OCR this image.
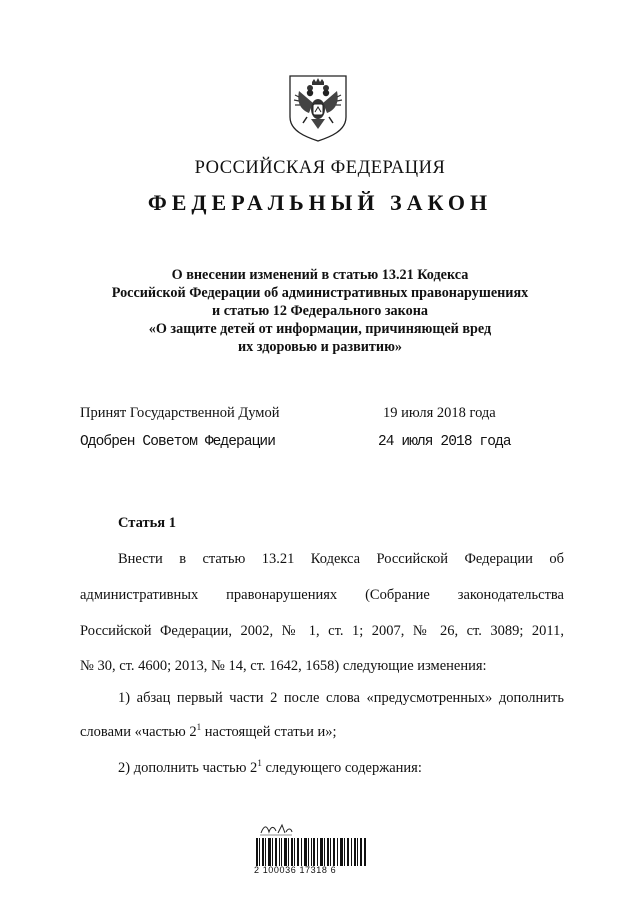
РОССИЙСКАЯ ФЕДЕРАЦИЯ
ФЕДЕРАЛЬНЫЙ ЗАКОН
О внесении изменений в статью 13.21 Кодекса
Российской Федерации об административных правонарушениях
и статью 12 Федерального закона
«О защите детей от информации, причиняющей вред
их здоровью и развитию»
Принят Государственной Думой	19 июля 2018 года
Одобрен Советом Федерации	24 июля 2018 года
Статья 1
Внести в статью 13.21 Кодекса Российской Федерации об
административных правонарушениях (Собрание законодательства
Российской Федерации, 2002, № 1, ст. 1; 2007, № 26, ст. 3089; 2011,
№ 30, ст. 4600; 2013, № 14, ст. 1642, 1658) следующие изменения:
1) абзац первый части 2 после слова «предусмотренных» дополнить
словами «частью $2^1$ настоящей статьи и»;
2) дополнить частью $2^1$ следующего содержания:
2 100036 17318 6
